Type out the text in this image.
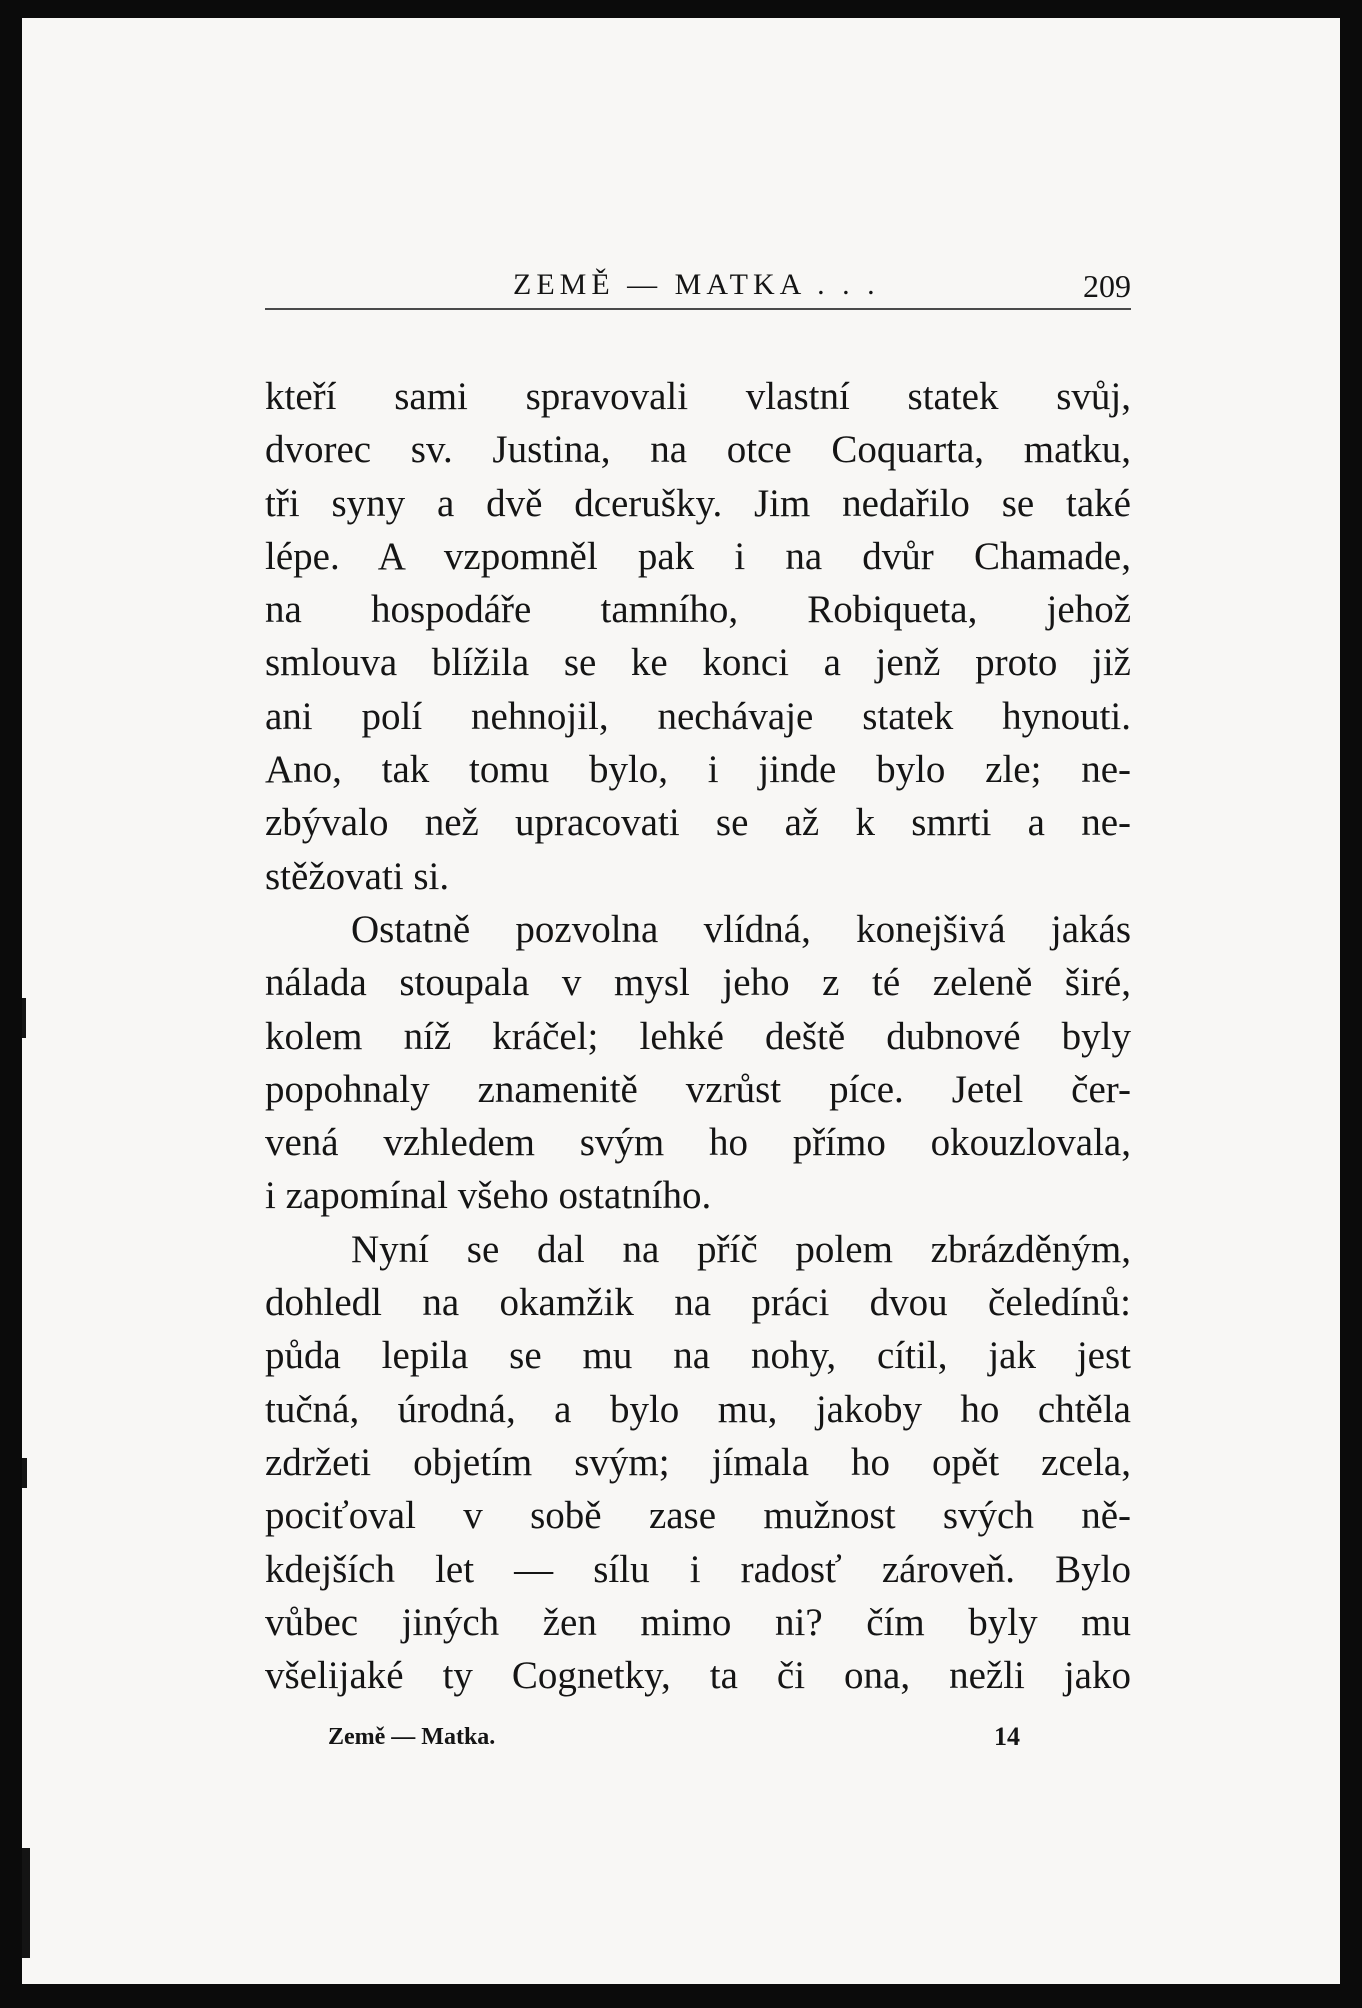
ZEMĚ — MATKA . . .	209
kteří sami spravovali vlastní statek svůj,
dvorec sv. Justina, na otce Coquarta, matku,
tři syny a dvě dcerušky. Jim nedařilo se také
lépe. A vzpomněl pak i na dvůr Chamade,
na hospodáře tamního, Robiqueta, jehož
smlouva blížila se ke konci a jenž proto již
ani polí nehnojil, nechávaje statek hynouti.
Ano, tak tomu bylo, i jinde bylo zle; ne-
zbývalo než upracovati se až k smrti a ne-
stěžovati si.
Ostatně pozvolna vlídná, konejšivá jakás
nálada stoupala v mysl jeho z té zeleně širé,
kolem níž kráčel; lehké deště dubnové byly
popohnaly znamenitě vzrůst píce. Jetel čer-
vená vzhledem svým ho přímo okouzlovala,
i zapomínal všeho ostatního.
Nyní se dal na příč polem zbrázděným,
dohledl na okamžik na práci dvou čeledínů:
půda lepila se mu na nohy, cítil, jak jest
tučná, úrodná, a bylo mu, jakoby ho chtěla
zdržeti objetím svým; jímala ho opět zcela,
pociťoval v sobě zase mužnost svých ně-
kdejších let — sílu i radosť zároveň. Bylo
vůbec jiných žen mimo ni? čím byly mu
všelijaké ty Cognetky, ta či ona, nežli jako
Země — Matka.	14
